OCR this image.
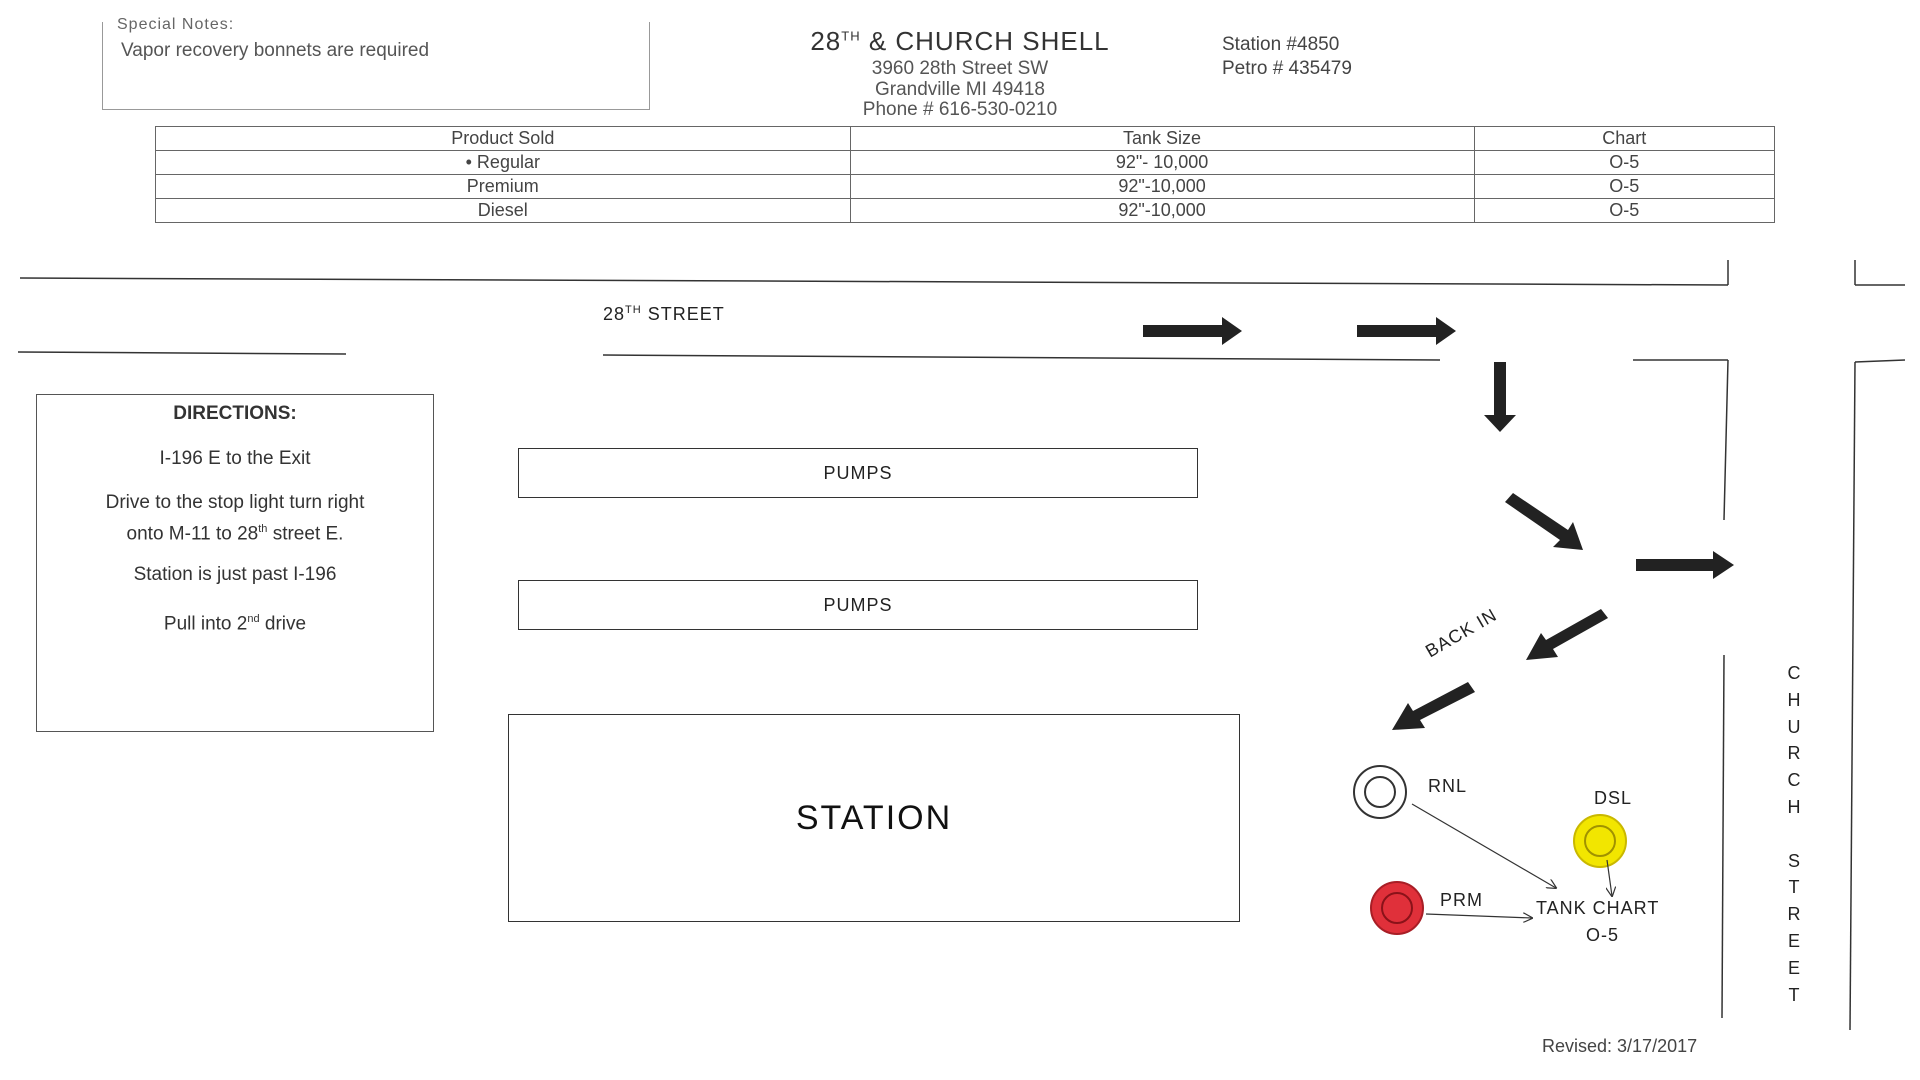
Special Notes:
Vapor recovery bonnets are required	28TH & CHURCH SHELL
3960 28th Street SW
Grandville MI 49418
Phone # 616-530-0210
Station #4850
Petro # 435479
Product Sold	Tank Size	Chart
• Regular	92"- 10,000	O-5
Premium	92"-10,000	O-5
Diesel	92"-10,000	O-5
DIRECTIONS:
I-196 E to the Exit
Drive to the stop light turn right
onto M-11 to 28th street E.
Station is just past I-196
Pull into 2nd drive
28TH STREET
PUMPS
PUMPS
STATION
BACK IN
C
H
U
R
C
H

S
T
R
E
E
T
RNL
DSL
PRM	TANK CHART
O-5
Revised: 3/17/2017
